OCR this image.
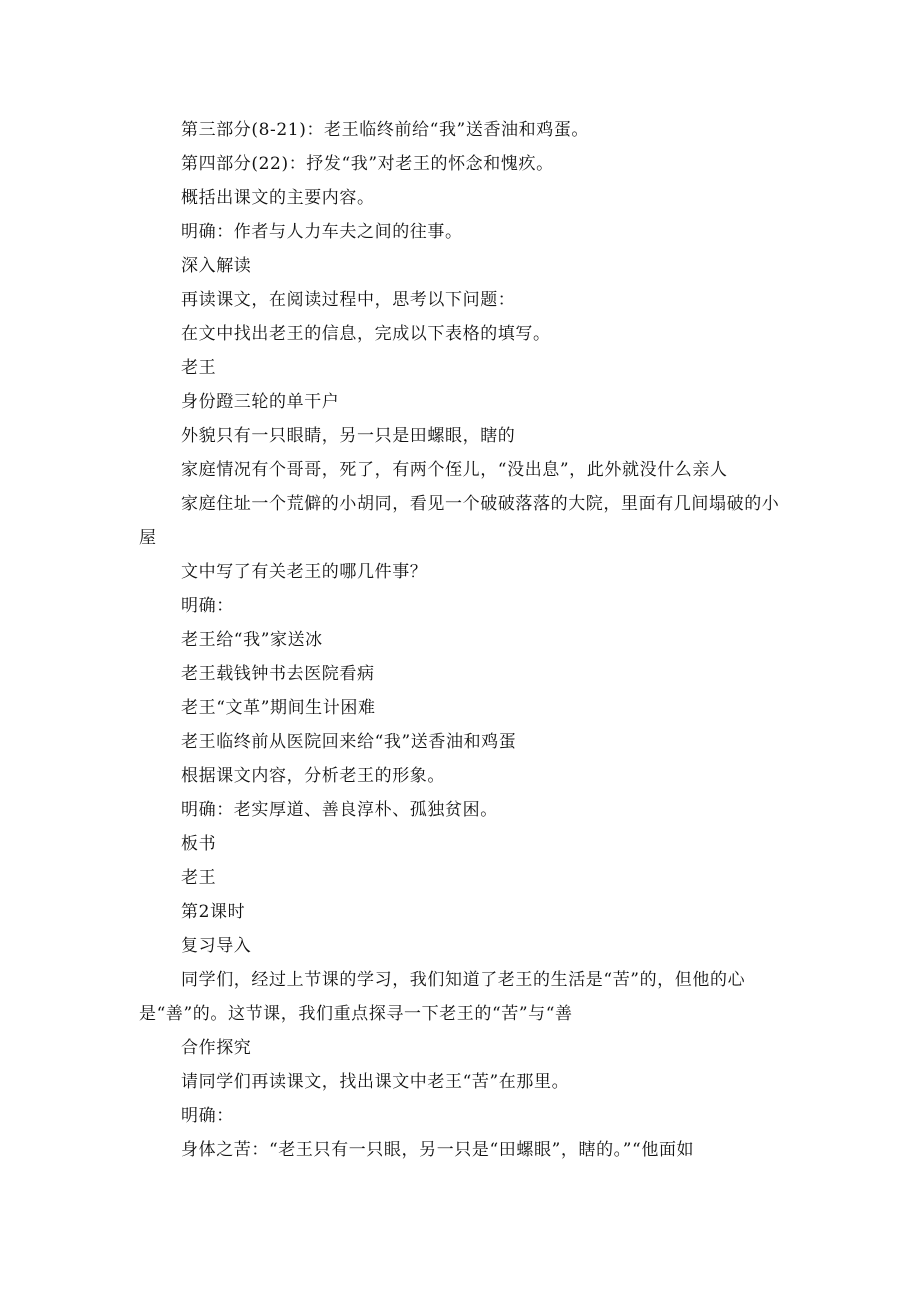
第三部分(8-21)：老王临终前给“我”送香油和鸡蛋。

第四部分(22)：抒发“我”对老王的怀念和愧疚。

概括出课文的主要内容。

明确：作者与人力车夫之间的往事。

深入解读

再读课文，在阅读过程中，思考以下问题：

在文中找出老王的信息，完成以下表格的填写。

老王

身份蹬三轮的单干户

外貌只有一只眼睛，另一只是田螺眼，瞎的

家庭情况有个哥哥，死了，有两个侄儿，“没出息”，此外就没什么亲人

家庭住址一个荒僻的小胡同，看见一个破破落落的大院，里面有几间塌破的小屋

文中写了有关老王的哪几件事？

明确：

老王给“我”家送冰

老王载钱钟书去医院看病

老王“文革”期间生计困难

老王临终前从医院回来给“我”送香油和鸡蛋

根据课文内容，分析老王的形象。

明确：老实厚道、善良淳朴、孤独贫困。

板书

老王

第2课时

复习导入

同学们，经过上节课的学习，我们知道了老王的生活是“苦”的，但他的心是“善”的。这节课，我们重点探寻一下老王的“苦”与“善

合作探究

请同学们再读课文，找出课文中老王“苦”在那里。

明确：

身体之苦：“老王只有一只眼，另一只是“田螺眼”，瞎的。”“他面如
